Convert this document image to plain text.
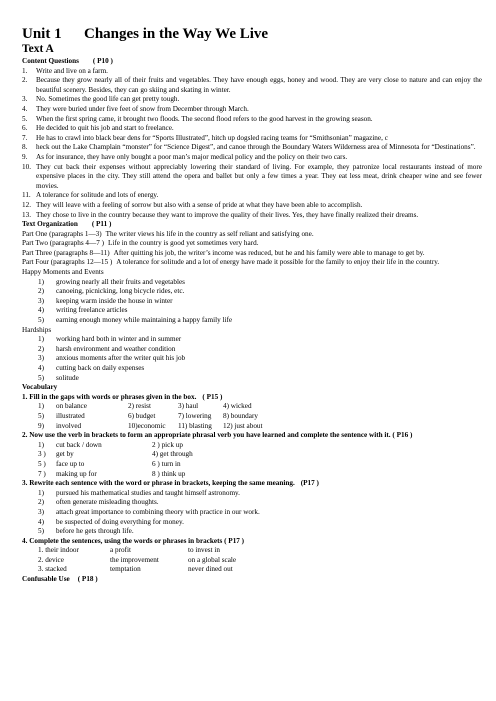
Unit 1 Changes in the Way We Live
Text A
Content Questions ( P10 )
1.	Write and live on a farm.
2.	Because they grow nearly all of their fruits and vegetables. They have enough eggs, honey and wood. They are very close to nature and can enjoy the beautiful scenery. Besides, they can go skiing and skating in winter.
3.	No. Sometimes the good life can get pretty tough.
4.	They were buried under five feet of snow from December through March.
5.	When the first spring came, it brought two floods. The second flood refers to the good harvest in the growing season.
6.	He decided to quit his job and start to freelance.
7.	He has to crawl into black bear dens for “Sports Illustrated”, hitch up dogsled racing teams for “Smithsonian” magazine, c
8.	heck out the Lake Champlain “monster” for “Science Digest”, and canoe through the Boundary Waters Wilderness area of Minnesota for “Destinations”.
9.	As for insurance, they have only bought a poor man’s major medical policy and the policy on their two cars.
10. They cut back their expenses without appreciably lowering their standard of living. For example, they patronize local restaurants instead of more expensive places in the city. They still attend the opera and ballet but only a few times a year. They eat less meat, drink cheaper wine and see fewer movies.
11. A tolerance for solitude and lots of energy.
12. They will leave with a feeling of sorrow but also with a sense of pride at what they have been able to accomplish.
13. They chose to live in the country because they want to improve the quality of their lives. Yes, they have finally realized their dreams.
Text Organization ( P11 )
Part One (paragraphs 1—3) The writer views his life in the country as self reliant and satisfying one.
Part Two (paragraphs 4—7 ) Life in the country is good yet sometimes very hard.
Part Three (paragraphs 8—11) After quitting his job, the writer’s income was reduced, but he and his family were able to manage to get by.
Part Four (paragraphs 12—15 ) A tolerance for solitude and a lot of energy have made it possible for the family to enjoy their life in the country.
Happy Moments and Events
1)	growing nearly all their fruits and vegetables
2)	canoeing, picnicking, long bicycle rides, etc.
3)	keeping warm inside the house in winter
4)	writing freelance articles
5)	earning enough money while maintaining a happy family life
Hardships
1)	working hard both in winter and in summer
2)	harsh environment and weather condition
3)	anxious moments after the writer quit his job
4)	cutting back on daily expenses
5)	solitude
Vocabulary
1. Fill in the gaps with words or phrases given in the box. ( P15 )
1)	on balance	2) resist	3) haul	4) wicked
5)	illustrated	6) budget	7) lowering	8) boundary
9)	involved	10)economic	11) blasting	12) just about
2. Now use the verb in brackets to form an appropriate phrasal verb you have learned and complete the sentence with it. ( P16 )
1)	cut back / down	2 ) pick up
3 )	get by	4) get through
5 )	face up to	6 ) turn in
7 )	making up for	8 ) think up
3. Rewrite each sentence with the word or phrase in brackets, keeping the same meaning. (P17 )
1)	pursued his mathematical studies and taught himself astronomy.
2)	often generate misleading thoughts.
3)	attach great importance to combining theory with practice in our work.
4)	be suspected of doing everything for money.
5)	before he gets through life.
4. Complete the sentences, using the words or phrases in brackets ( P17 )
1. their indoor	a profit	to invest in
2. device	the improvement	on a global scale
3. stacked	temptation	never dined out
Confusable Use ( P18 )
